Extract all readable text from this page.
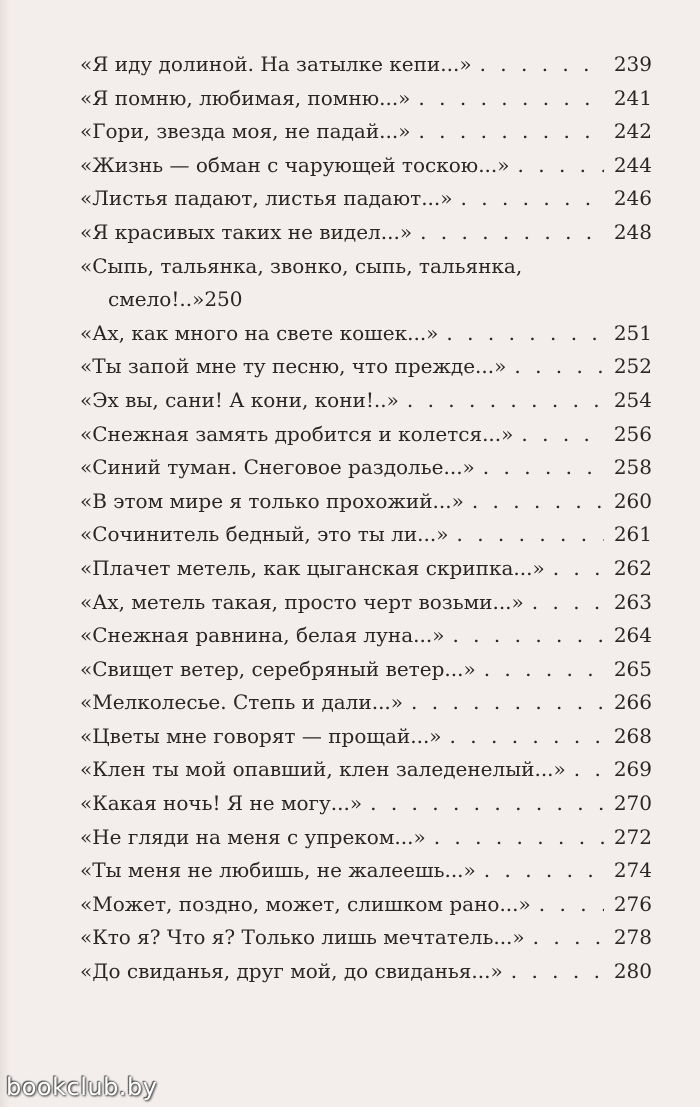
«Я иду долиной. На затылке кепи...» . . .	239
«Я помню, любимая, помню...» . . .	241
«Гори, звезда моя, не падай...» . . .	242
«Жизнь — обман с чарующей тоскою...» . . .	244
«Листья падают, листья падают...» . . .	246
«Я красивых таких не видел...» . . .	248
«Сыпь, тальянка, звонко, сыпь, тальянка,
смело!..» 250
«Ах, как много на свете кошек...» . . .	251
«Ты запой мне ту песню, что прежде...» . . .	252
«Эх вы, сани! А кони, кони!..» . . .	254
«Снежная замять дробится и колется...» . . .	256
«Синий туман. Снеговое раздолье...» . . .	258
«В этом мире я только прохожий...» . . .	260
«Сочинитель бедный, это ты ли...» . . .	261
«Плачет метель, как цыганская скрипка...» . . .	262
«Ах, метель такая, просто черт возьми...» . . .	263
«Снежная равнина, белая луна...» . . .	264
«Свищет ветер, серебряный ветер...» . . .	265
«Мелколесье. Степь и дали...» . . .	266
«Цветы мне говорят — прощай...» . . .	268
«Клен ты мой опавший, клен заледенелый...» . . . 269
«Какая ночь! Я не могу...» . . .	270
«Не гляди на меня с упреком...» . . .	272
«Ты меня не любишь, не жалеешь...» . . .	274
«Может, поздно, может, слишком рано...» . . .	276
«Кто я? Что я? Только лишь мечтатель...» . . .	278
«До свиданья, друг мой, до свиданья...» . . .	280
bookclub.by
